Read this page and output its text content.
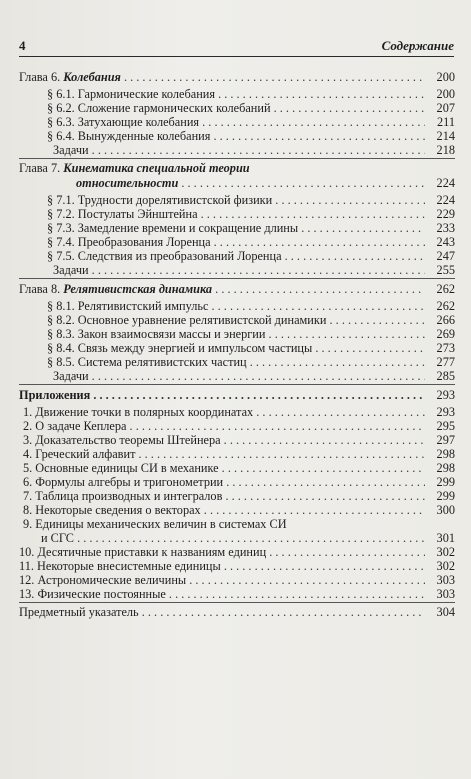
4	Содержание
Глава 6. Колебания . . .	200
§ 6.1. Гармонические колебания . . .	200
§ 6.2. Сложение гармонических колебаний . . .	207
§ 6.3. Затухающие колебания . . .	211
§ 6.4. Вынужденные колебания . . .	214
Задачи . . .	218
Глава 7. Кинематика специальной теории
относительности . . .	224
§ 7.1. Трудности дорелятивистской физики . . .	224
§ 7.2. Постулаты Эйнштейна . . .	229
§ 7.3. Замедление времени и сокращение длины . . .	233
§ 7.4. Преобразования Лоренца . . .	243
§ 7.5. Следствия из преобразований Лоренца . . .	247
Задачи . . .	255
Глава 8. Релятивистская динамика . . .	262
§ 8.1. Релятивистский импульс . . .	262
§ 8.2. Основное уравнение релятивистской динамики . . .	266
§ 8.3. Закон взаимосвязи массы и энергии . . .	269
§ 8.4. Связь между энергией и импульсом частицы . . .	273
§ 8.5. Система релятивистских частиц . . .	277
Задачи . . .	285
Приложения . . .	293
1. Движение точки в полярных координатах . . .	293
2. О задаче Кеплера . . .	295
3. Доказательство теоремы Штейнера . . .	297
4. Греческий алфавит . . .	298
5. Основные единицы СИ в механике . . .	298
6. Формулы алгебры и тригонометрии . . .	299
7. Таблица производных и интегралов . . .	299
8. Некоторые сведения о векторах . . .	300
9. Единицы механических величин в системах СИ
и СГС . . .	301
10. Десятичные приставки к названиям единиц . . .	302
11. Некоторые внесистемные единицы . . .	302
12. Астрономические величины . . .	303
13. Физические постоянные . . .	303
Предметный указатель . . .	304
